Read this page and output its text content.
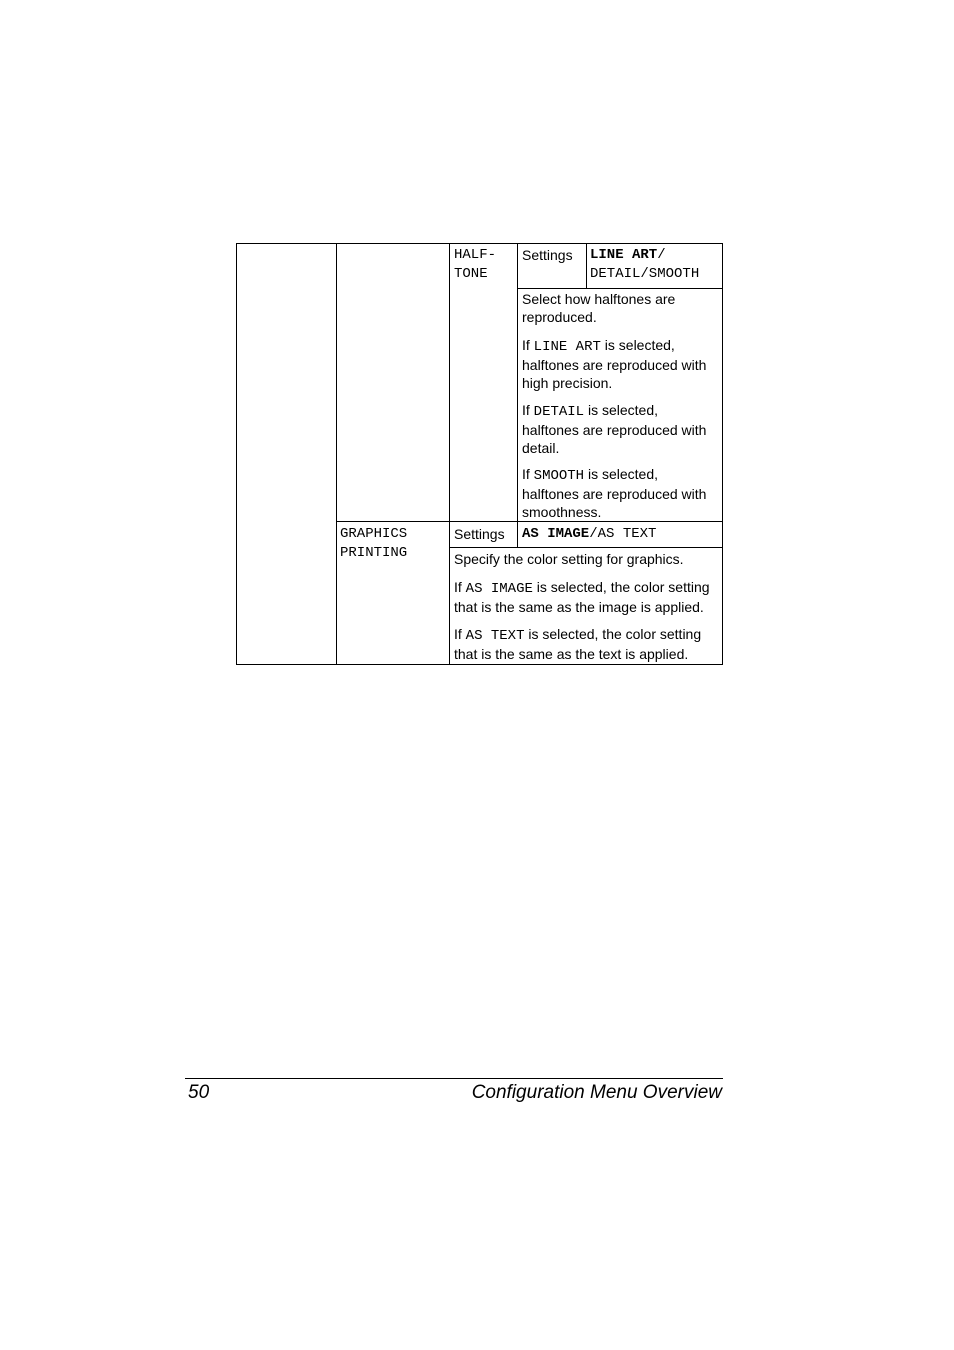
HALF-
TONE
Settings LINE ART/
DETAIL/SMOOTH
Select how halftones are
reproduced.
If LINE ART is selected,
halftones are reproduced with
high precision.
If DETAIL is selected,
halftones are reproduced with
detail.
If SMOOTH is selected,
halftones are reproduced with
smoothness.
GRAPHICS
PRINTING
Settings AS IMAGE/AS TEXT
Specify the color setting for graphics.
If AS IMAGE is selected, the color setting
that is the same as the image is applied.
If AS TEXT is selected, the color setting
that is the same as the text is applied.
50	Configuration Menu Overview
